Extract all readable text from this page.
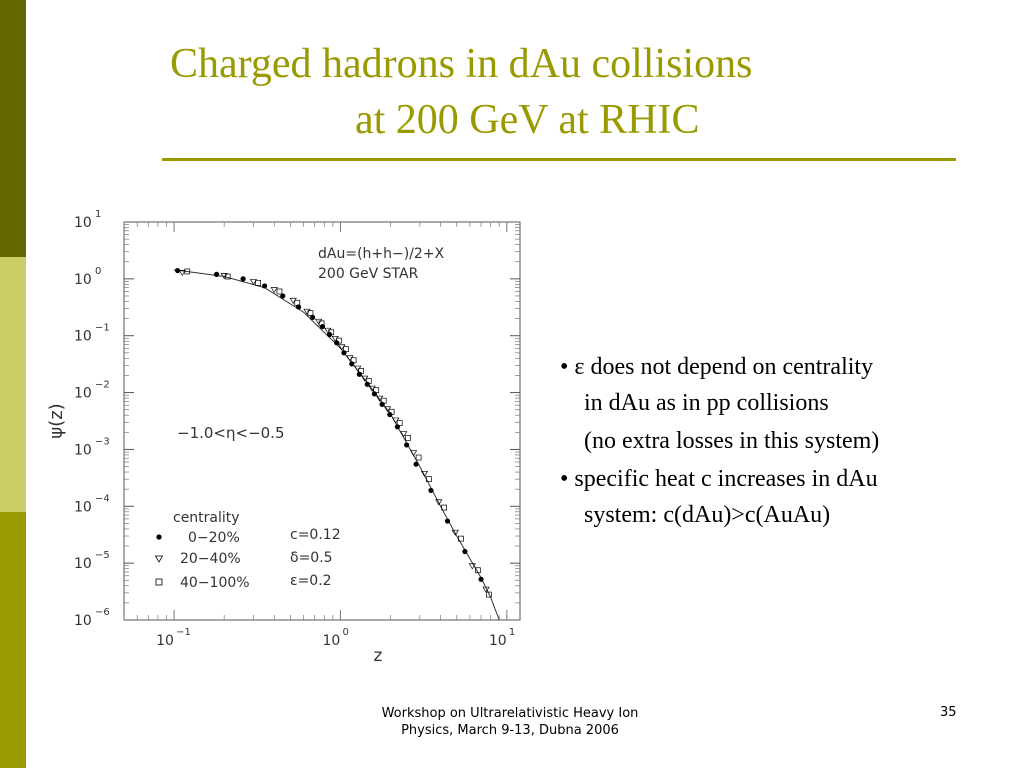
Charged hadrons in dAu collisions
at 200 GeV at RHIC
10
1
10
0
10
−1
10
−2
10
−3
10
−4
10
−5
10
−6
10
−1
10
0
10
1
dAu=(h+h−)/2+X
200 GeV STAR
−1.0<η<−0.5
centrality
0−20%
20−40%
40−100%
c=0.12
δ=0.5
ε=0.2
z
ψ(z)
• ε does not depend on centrality
in dAu as in pp collisions
(no extra losses in this system)
• specific heat c increases in dAu
system: c(dAu)>c(AuAu)
Workshop on Ultrarelativistic Heavy Ion
Physics, March 9-13, Dubna 2006
35
